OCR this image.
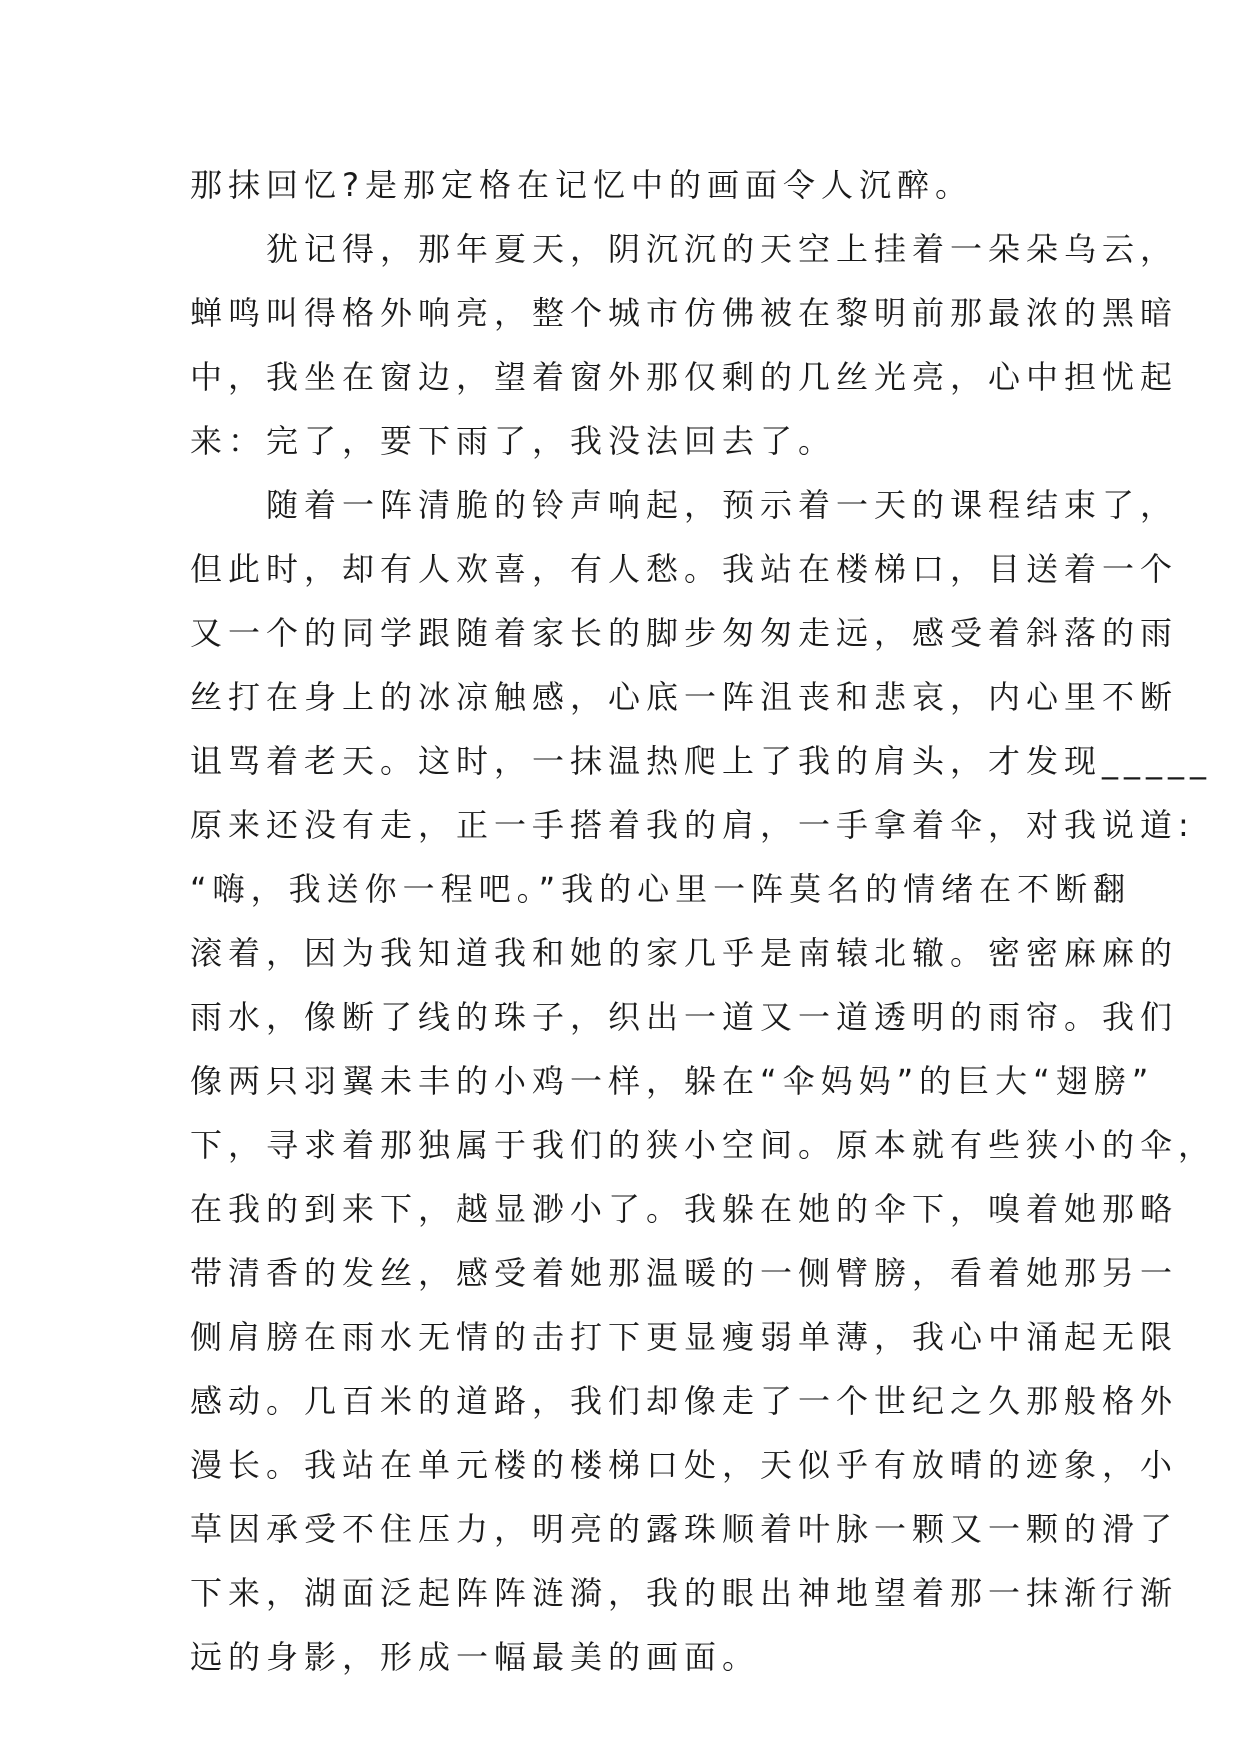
那抹回忆?是那定格在记忆中的画面令人沉醉。

　　犹记得，那年夏天，阴沉沉的天空上挂着一朵朵乌云，
蝉鸣叫得格外响亮，整个城市仿佛被在黎明前那最浓的黑暗
中，我坐在窗边，望着窗外那仅剩的几丝光亮，心中担忧起
来：完了，要下雨了，我没法回去了。

　　随着一阵清脆的铃声响起，预示着一天的课程结束了，
但此时，却有人欢喜，有人愁。我站在楼梯口，目送着一个
又一个的同学跟随着家长的脚步匆匆走远，感受着斜落的雨
丝打在身上的冰凉触感，心底一阵沮丧和悲哀，内心里不断
诅骂着老天。这时，一抹温热爬上了我的肩头，才发现_____
原来还没有走，正一手搭着我的肩，一手拿着伞，对我说道:
“嗨，我送你一程吧。”我的心里一阵莫名的情绪在不断翻
滚着，因为我知道我和她的家几乎是南辕北辙。密密麻麻的
雨水，像断了线的珠子，织出一道又一道透明的雨帘。我们
像两只羽翼未丰的小鸡一样，躲在“伞妈妈”的巨大“翅膀”
下，寻求着那独属于我们的狭小空间。原本就有些狭小的伞，
在我的到来下，越显渺小了。我躲在她的伞下，嗅着她那略
带清香的发丝，感受着她那温暖的一侧臂膀，看着她那另一
侧肩膀在雨水无情的击打下更显瘦弱单薄，我心中涌起无限
感动。几百米的道路，我们却像走了一个世纪之久那般格外
漫长。我站在单元楼的楼梯口处，天似乎有放晴的迹象，小
草因承受不住压力，明亮的露珠顺着叶脉一颗又一颗的滑了
下来，湖面泛起阵阵涟漪，我的眼出神地望着那一抹渐行渐
远的身影，形成一幅最美的画面。
